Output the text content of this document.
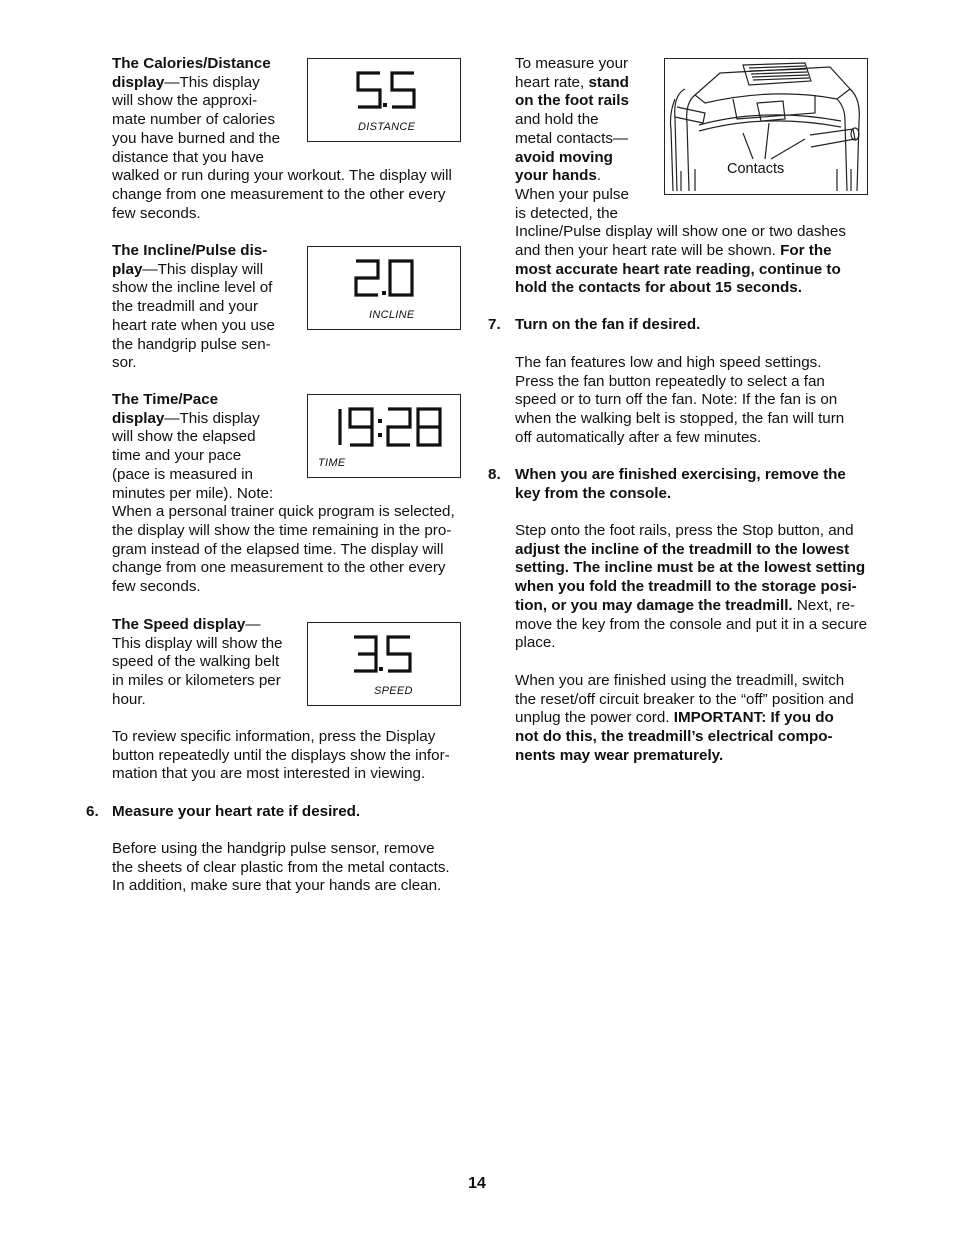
The Calories/Distance
display—This display
will show the approxi-
mate number of calories
you have burned and the
distance that you have
walked or run during your workout. The display will
change from one measurement to the other every
few seconds.
DISTANCE
The Incline/Pulse dis-
play—This display will
show the incline level of
the treadmill and your
heart rate when you use
the handgrip pulse sen-
sor.
INCLINE
The Time/Pace
display—This display
will show the elapsed
time and your pace
(pace is measured in
minutes per mile). Note:
When a personal trainer quick program is selected,
the display will show the time remaining in the pro-
gram instead of the elapsed time. The display will
change from one measurement to the other every
few seconds.
TIME
The Speed display—
This display will show the
speed of the walking belt
in miles or kilometers per
hour.	SPEED
To review specific information, press the Display
button repeatedly until the displays show the infor-
mation that you are most interested in viewing.
6. Measure your heart rate if desired.
Before using the handgrip pulse sensor, remove
the sheets of clear plastic from the metal contacts.
In addition, make sure that your hands are clean.
To measure your
heart rate, stand
on the foot rails
and hold the
metal contacts—
avoid moving
your hands.
When your pulse
is detected, the
Incline/Pulse display will show one or two dashes
and then your heart rate will be shown. For the
most accurate heart rate reading, continue to
hold the contacts for about 15 seconds.
Contacts
7. Turn on the fan if desired.
The fan features low and high speed settings.
Press the fan button repeatedly to select a fan
speed or to turn off the fan. Note: If the fan is on
when the walking belt is stopped, the fan will turn
off automatically after a few minutes.
8. When you are finished exercising, remove the
key from the console.
Step onto the foot rails, press the Stop button, and
adjust the incline of the treadmill to the lowest
setting. The incline must be at the lowest setting
when you fold the treadmill to the storage posi-
tion, or you may damage the treadmill. Next, re-
move the key from the console and put it in a secure
place.
When you are finished using the treadmill, switch
the reset/off circuit breaker to the “off” position and
unplug the power cord. IMPORTANT: If you do
not do this, the treadmill’s electrical compo-
nents may wear prematurely.
14
